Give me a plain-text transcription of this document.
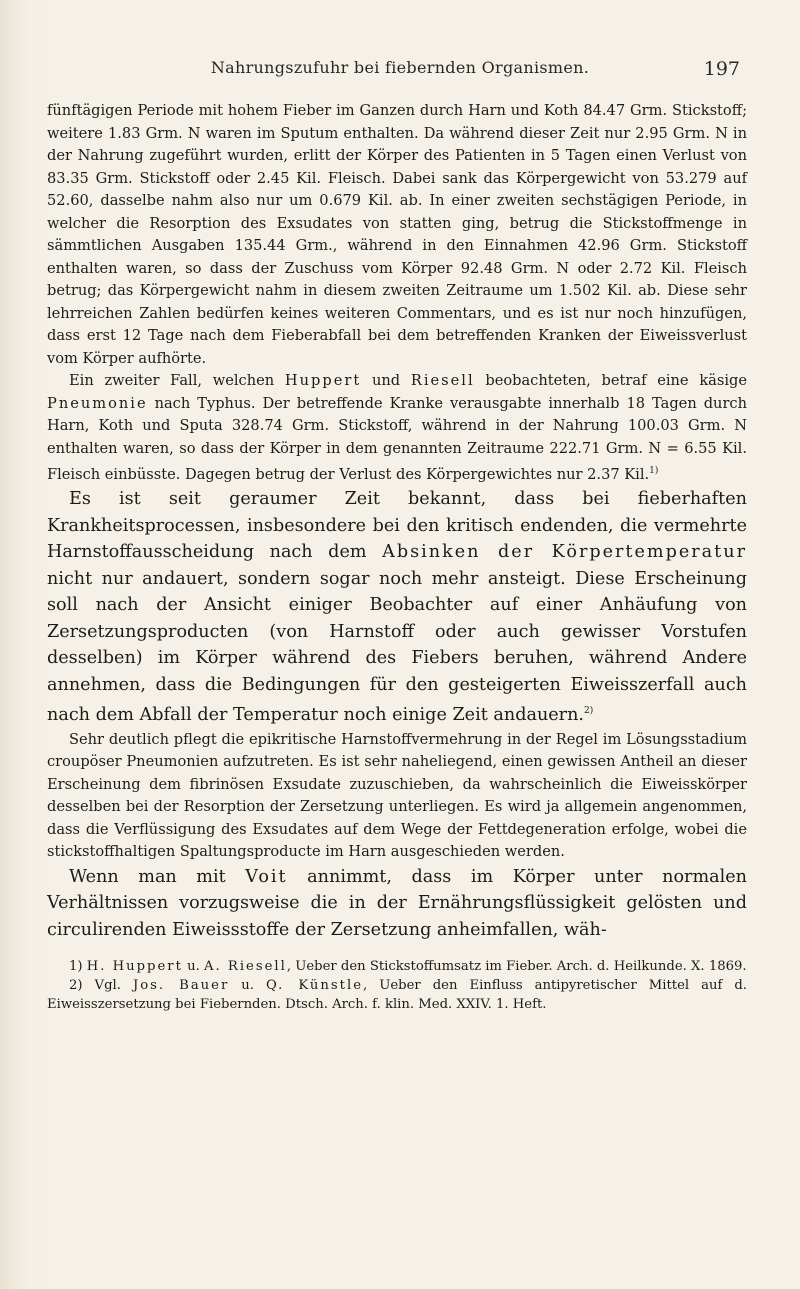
Nahrungszufuhr bei fiebernden Organismen.	197

fünftägigen Periode mit hohem Fieber im Ganzen durch Harn und Koth 84.47 Grm. Stickstoff; weitere 1.83 Grm. N waren im Sputum enthalten. Da während dieser Zeit nur 2.95 Grm. N in der Nahrung zugeführt wurden, erlitt der Körper des Patienten in 5 Tagen einen Verlust von 83.35 Grm. Stickstoff oder 2.45 Kil. Fleisch. Dabei sank das Körpergewicht von 53.279 auf 52.60, dasselbe nahm also nur um 0.679 Kil. ab. In einer zweiten sechstägigen Periode, in welcher die Resorption des Exsudates von statten ging, betrug die Stickstoffmenge in sämmtlichen Ausgaben 135.44 Grm., während in den Einnahmen 42.96 Grm. Stickstoff enthalten waren, so dass der Zuschuss vom Körper 92.48 Grm. N oder 2.72 Kil. Fleisch betrug; das Körpergewicht nahm in diesem zweiten Zeitraume um 1.502 Kil. ab. Diese sehr lehrreichen Zahlen bedürfen keines weiteren Commentars, und es ist nur noch hinzufügen, dass erst 12 Tage nach dem Fieberabfall bei dem betreffenden Kranken der Eiweissverlust vom Körper aufhörte.

Ein zweiter Fall, welchen Huppert und Riesell beobachteten, betraf eine käsige Pneumonie nach Typhus. Der betreffende Kranke verausgabte innerhalb 18 Tagen durch Harn, Koth und Sputa 328.74 Grm. Stickstoff, während in der Nahrung 100.03 Grm. N enthalten waren, so dass der Körper in dem genannten Zeitraume 222.71 Grm. N = 6.55 Kil. Fleisch einbüsste. Dagegen betrug der Verlust des Körpergewichtes nur 2.37 Kil.$^{1)}$

Es ist seit geraumer Zeit bekannt, dass bei fieberhaften Krankheitsprocessen, insbesondere bei den kritisch endenden, die vermehrte Harnstoffausscheidung nach dem Absinken der Körpertemperatur nicht nur andauert, sondern sogar noch mehr ansteigt. Diese Erscheinung soll nach der Ansicht einiger Beobachter auf einer Anhäufung von Zersetzungsproducten (von Harnstoff oder auch gewisser Vorstufen desselben) im Körper während des Fiebers beruhen, während Andere annehmen, dass die Bedingungen für den gesteigerten Eiweisszerfall auch nach dem Abfall der Temperatur noch einige Zeit andauern.$^{2)}$

Sehr deutlich pflegt die epikritische Harnstoffvermehrung in der Regel im Lösungsstadium croupöser Pneumonien aufzutreten. Es ist sehr naheliegend, einen gewissen Antheil an dieser Erscheinung dem fibrinösen Exsudate zuzuschieben, da wahrscheinlich die Eiweisskörper desselben bei der Resorption der Zersetzung unterliegen. Es wird ja allgemein angenommen, dass die Verflüssigung des Exsudates auf dem Wege der Fettdegeneration erfolge, wobei die stickstoffhaltigen Spaltungsproducte im Harn ausgeschieden werden.

Wenn man mit Voit annimmt, dass im Körper unter normalen Verhältnissen vorzugsweise die in der Ernährungsflüssigkeit gelösten und circulirenden Eiweissstoffe der Zersetzung anheimfallen, wäh-

1) H. Huppert u. A. Riesell, Ueber den Stickstoffumsatz im Fieber. Arch. d. Heilkunde. X. 1869.

2) Vgl. Jos. Bauer u. Q. Künstle, Ueber den Einfluss antipyretischer Mittel auf d. Eiweisszersetzung bei Fiebernden. Dtsch. Arch. f. klin. Med. XXIV. 1. Heft.
